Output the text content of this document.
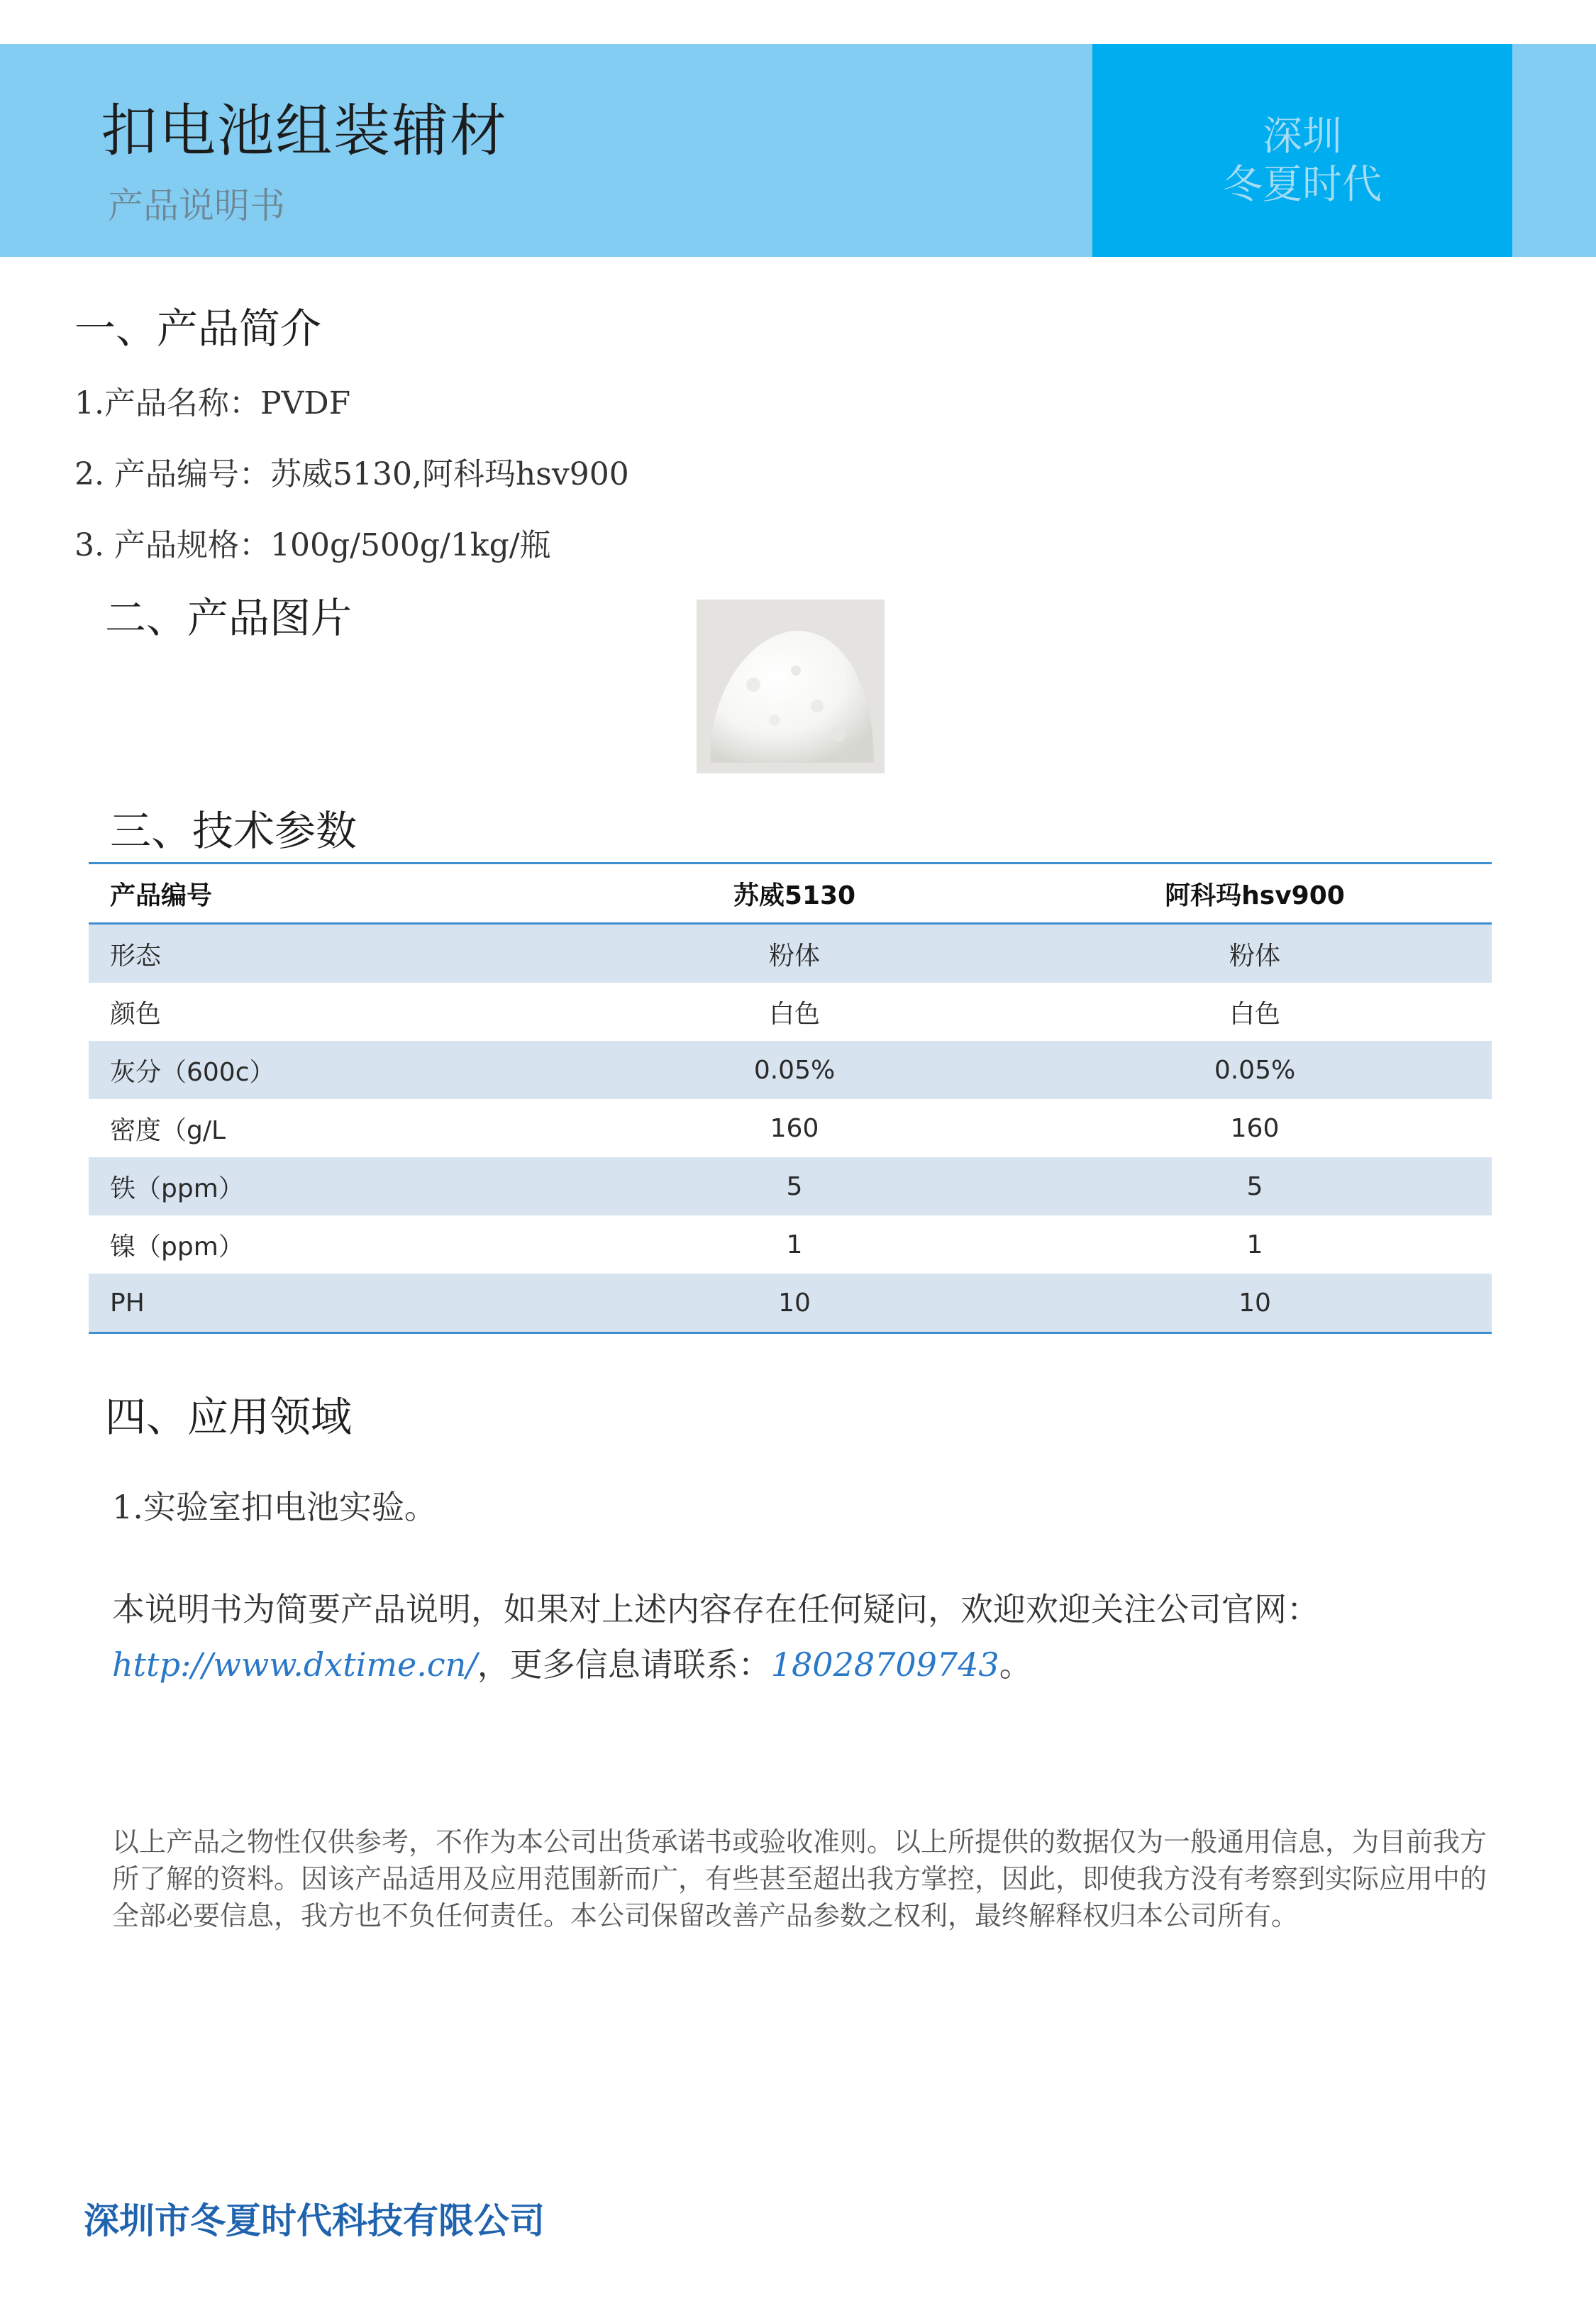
扣电池组装辅材
产品说明书
深圳
冬夏时代
一、产品简介
1.产品名称：PVDF
2. 产品编号：苏威5130,阿科玛hsv900
3. 产品规格：100g/500g/1kg/瓶
二、产品图片
三、技术参数
产品编号	苏威5130	阿科玛hsv900
形态	粉体	粉体
颜色	白色	白色
灰分（600c）	0.05%	0.05%
密度（g/L	160	160
铁（ppm）	5	5
镍（ppm）	1	1
PH	10	10
四、应用领域
1.实验室扣电池实验。
本说明书为简要产品说明，如果对上述内容存在任何疑问，欢迎欢迎关注公司官网：
http://www.dxtime.cn/，更多信息请联系：18028709743。
以上产品之物性仅供参考，不作为本公司出货承诺书或验收准则。以上所提供的数据仅为一般通用信息，为目前我方所了解的资料。因该产品适用及应用范围新而广，有些甚至超出我方掌控，因此，即使我方没有考察到实际应用中的全部必要信息，我方也不负任何责任。本公司保留改善产品参数之权利，最终解释权归本公司所有。
深圳市冬夏时代科技有限公司
